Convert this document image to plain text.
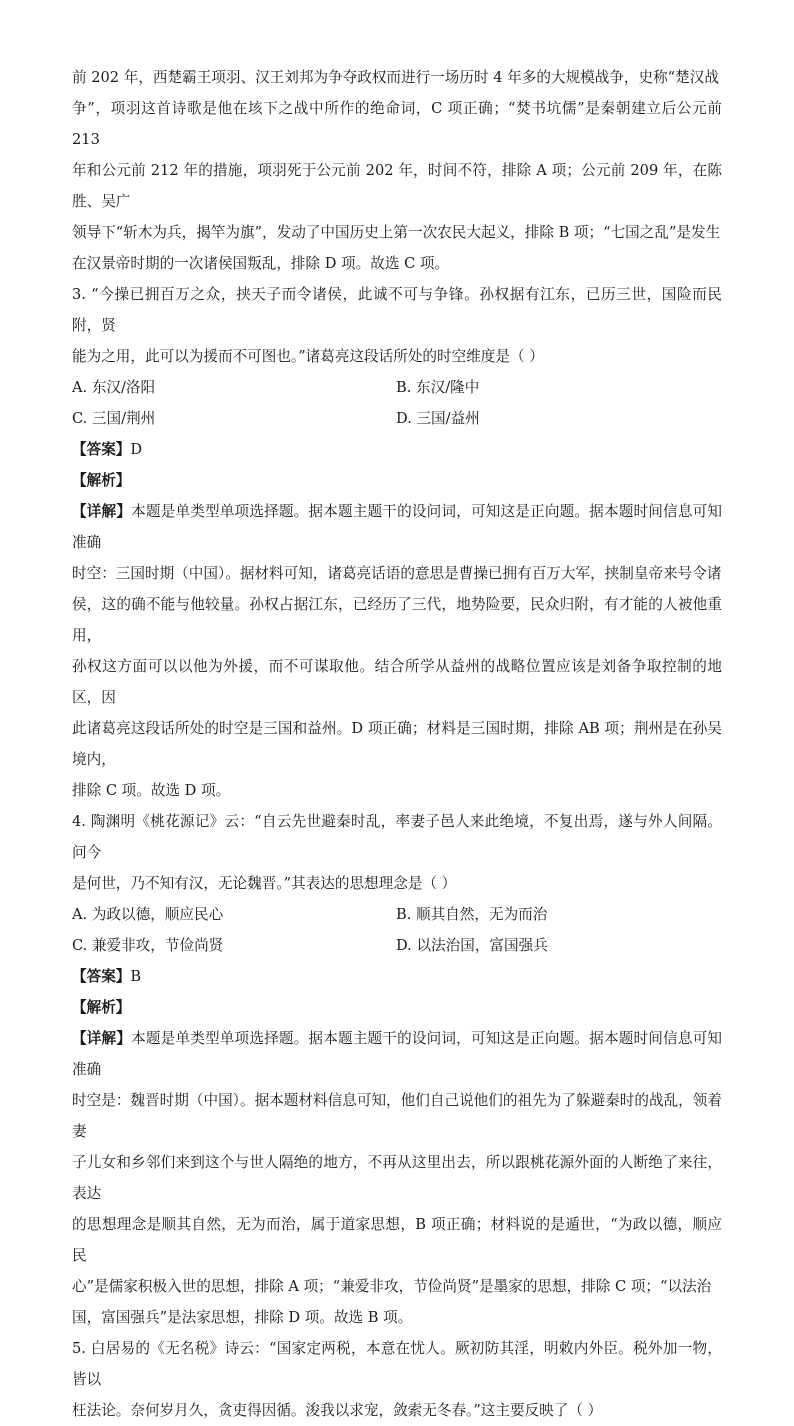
前 202 年，西楚霸王项羽、汉王刘邦为争夺政权而进行一场历时 4 年多的大规模战争，史称“楚汉战

争”，项羽这首诗歌是他在垓下之战中所作的绝命词，C 项正确；“焚书坑儒”是秦朝建立后公元前 213

年和公元前 212 年的措施，项羽死于公元前 202 年，时间不符，排除 A 项；公元前 209 年，在陈胜、吴广

领导下“斩木为兵，揭竿为旗”，发动了中国历史上第一次农民大起义，排除 B 项；“七国之乱”是发生

在汉景帝时期的一次诸侯国叛乱，排除 D 项。故选 C 项。

3. “今操已拥百万之众，挟天子而令诸侯，此诚不可与争锋。孙权据有江东，已历三世，国险而民附，贤

能为之用，此可以为援而不可图也。”诸葛亮这段话所处的时空维度是（ ）

A. 东汉/洛阳	B. 东汉/隆中
C. 三国/荆州	D. 三国/益州

【答案】D

【解析】

【详解】本题是单类型单项选择题。据本题主题干的设问词，可知这是正向题。据本题时间信息可知准确

时空：三国时期（中国）。据材料可知，诸葛亮话语的意思是曹操已拥有百万大军，挟制皇帝来号令诸

侯，这的确不能与他较量。孙权占据江东，已经历了三代，地势险要，民众归附，有才能的人被他重用，

孙权这方面可以以他为外援，而不可谋取他。结合所学从益州的战略位置应该是刘备争取控制的地区，因

此诸葛亮这段话所处的时空是三国和益州。D 项正确；材料是三国时期，排除 AB 项；荆州是在孙吴境内，

排除 C 项。故选 D 项。

4. 陶渊明《桃花源记》云：“自云先世避秦时乱，率妻子邑人来此绝境，不复出焉，遂与外人间隔。问今

是何世，乃不知有汉，无论魏晋。”其表达的思想理念是（ ）

A. 为政以德，顺应民心	B. 顺其自然，无为而治
C. 兼爱非攻，节俭尚贤	D. 以法治国，富国强兵

【答案】B

【解析】

【详解】本题是单类型单项选择题。据本题主题干的设问词，可知这是正向题。据本题时间信息可知准确

时空是：魏晋时期（中国）。据本题材料信息可知，他们自己说他们的祖先为了躲避秦时的战乱，领着妻

子儿女和乡邻们来到这个与世人隔绝的地方，不再从这里出去，所以跟桃花源外面的人断绝了来往，表达

的思想理念是顺其自然，无为而治，属于道家思想，B 项正确；材料说的是遁世，“为政以德，顺应民

心”是儒家积极入世的思想，排除 A 项；“兼爱非攻，节俭尚贤”是墨家的思想，排除 C 项；“以法治

国，富国强兵”是法家思想，排除 D 项。故选 B 项。

5. 白居易的《无名税》诗云：“国家定两税，本意在忧人。厥初防其淫，明敕内外臣。税外加一物，皆以

枉法论。奈何岁月久，贪吏得因循。浚我以求宠，敛索无冬春。”这主要反映了（ ）
